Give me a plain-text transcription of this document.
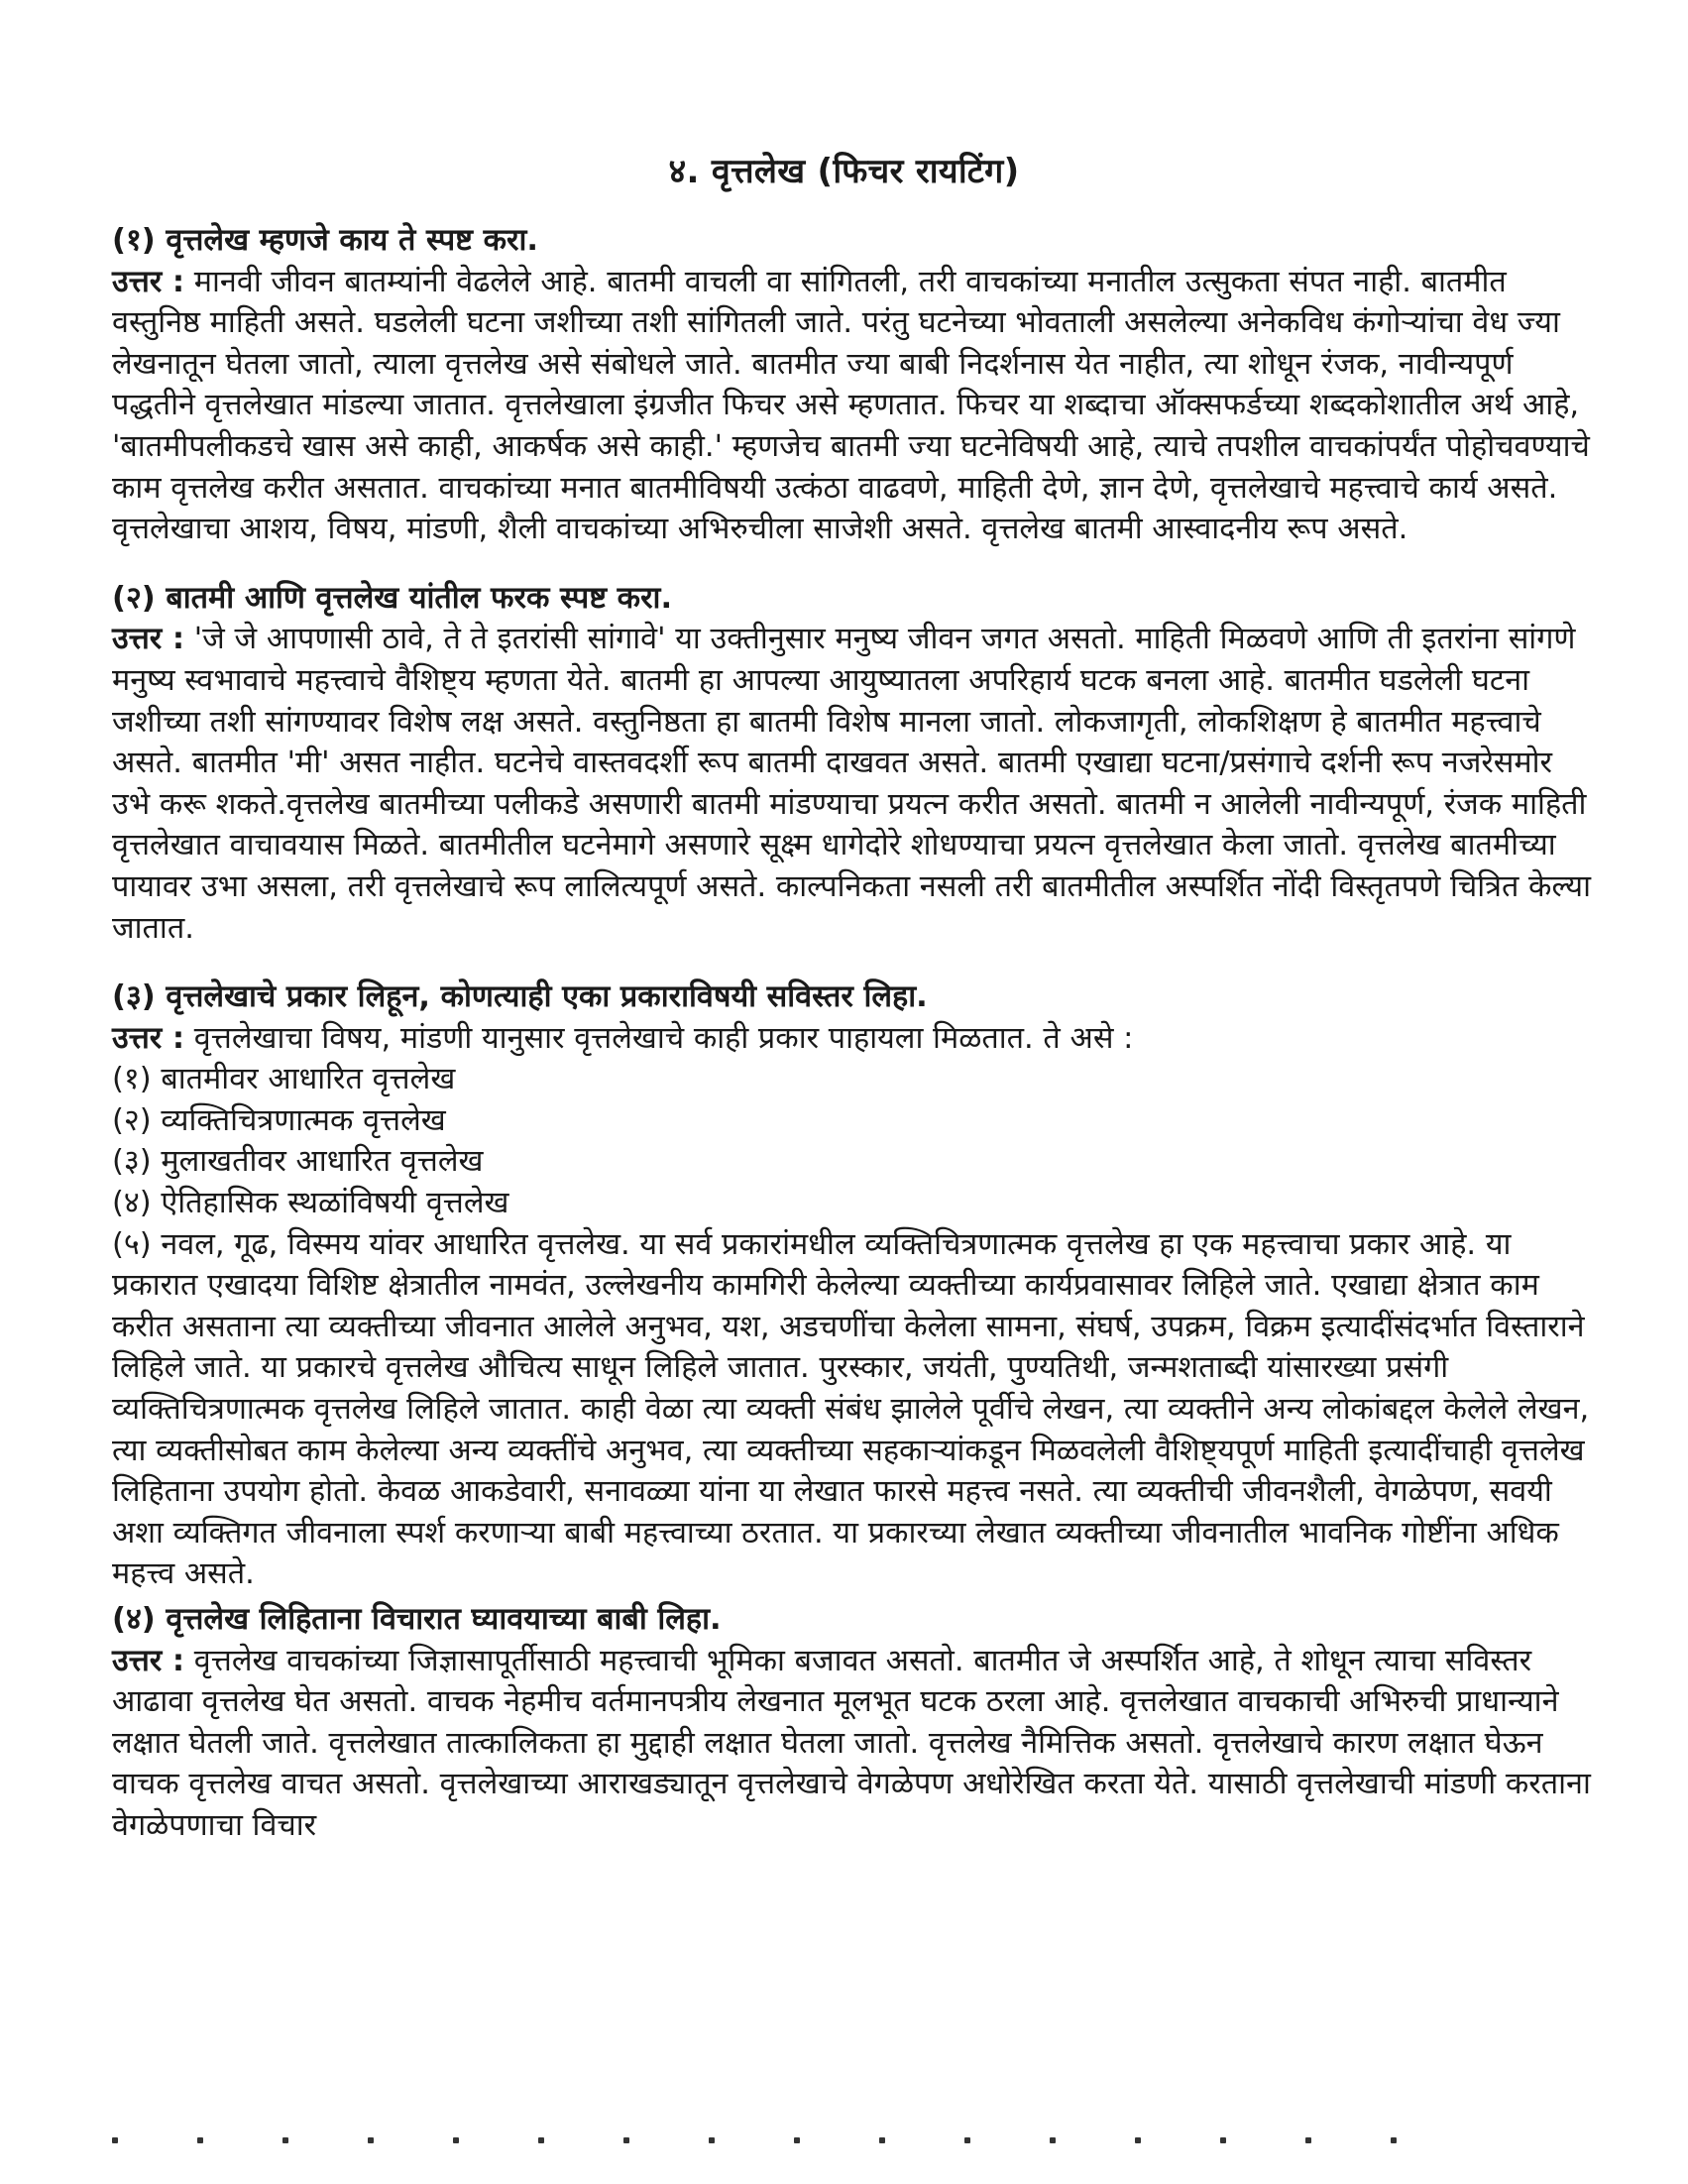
४. वृत्तलेख (फिचर रायटिंग)

(१) वृत्तलेख म्हणजे काय ते स्पष्ट करा.

उत्तर : मानवी जीवन बातम्यांनी वेढलेले आहे. बातमी वाचली वा सांगितली, तरी वाचकांच्या मनातील उत्सुकता संपत नाही. बातमीत वस्तुनिष्ठ माहिती असते. घडलेली घटना जशीच्या तशी सांगितली जाते. परंतु घटनेच्या भोवताली असलेल्या अनेकविध कंगोऱ्यांचा वेध ज्या लेखनातून घेतला जातो, त्याला वृत्तलेख असे संबोधले जाते. बातमीत ज्या बाबी निदर्शनास येत नाहीत, त्या शोधून रंजक, नावीन्यपूर्ण पद्धतीने वृत्तलेखात मांडल्या जातात. वृत्तलेखाला इंग्रजीत फिचर असे म्हणतात. फिचर या शब्दाचा ऑक्सफर्डच्या शब्दकोशातील अर्थ आहे, 'बातमीपलीकडचे खास असे काही, आकर्षक असे काही.' म्हणजेच बातमी ज्या घटनेविषयी आहे, त्याचे तपशील वाचकांपर्यंत पोहोचवण्याचे काम वृत्तलेख करीत असतात. वाचकांच्या मनात बातमीविषयी उत्कंठा वाढवणे, माहिती देणे, ज्ञान देणे, वृत्तलेखाचे महत्त्वाचे कार्य असते. वृत्तलेखाचा आशय, विषय, मांडणी, शैली वाचकांच्या अभिरुचीला साजेशी असते. वृत्तलेख बातमी आस्वादनीय रूप असते.

(२) बातमी आणि वृत्तलेख यांतील फरक स्पष्ट करा.

उत्तर : 'जे जे आपणासी ठावे, ते ते इतरांसी सांगावे' या उक्तीनुसार मनुष्य जीवन जगत असतो. माहिती मिळवणे आणि ती इतरांना सांगणे मनुष्य स्वभावाचे महत्त्वाचे वैशिष्ट्य म्हणता येते. बातमी हा आपल्या आयुष्यातला अपरिहार्य घटक बनला आहे. बातमीत घडलेली घटना जशीच्या तशी सांगण्यावर विशेष लक्ष असते. वस्तुनिष्ठता हा बातमी विशेष मानला जातो. लोकजागृती, लोकशिक्षण हे बातमीत महत्त्वाचे असते. बातमीत 'मी' असत नाहीत. घटनेचे वास्तवदर्शी रूप बातमी दाखवत असते. बातमी एखाद्या घटना/प्रसंगाचे दर्शनी रूप नजरेसमोर उभे करू शकते.वृत्तलेख बातमीच्या पलीकडे असणारी बातमी मांडण्याचा प्रयत्न करीत असतो. बातमी न आलेली नावीन्यपूर्ण, रंजक माहिती वृत्तलेखात वाचावयास मिळते. बातमीतील घटनेमागे असणारे सूक्ष्म धागेदोरे शोधण्याचा प्रयत्न वृत्तलेखात केला जातो. वृत्तलेख बातमीच्या पायावर उभा असला, तरी वृत्तलेखाचे रूप लालित्यपूर्ण असते. काल्पनिकता नसली तरी बातमीतील अस्पर्शित नोंदी विस्तृतपणे चित्रित केल्या जातात.

(३) वृत्तलेखाचे प्रकार लिहून, कोणत्याही एका प्रकाराविषयी सविस्तर लिहा.

उत्तर : वृत्तलेखाचा विषय, मांडणी यानुसार वृत्तलेखाचे काही प्रकार पाहायला मिळतात. ते असे :

(१) बातमीवर आधारित वृत्तलेख

(२) व्यक्तिचित्रणात्मक वृत्तलेख

(३) मुलाखतीवर आधारित वृत्तलेख

(४) ऐतिहासिक स्थळांविषयी वृत्तलेख

(५) नवल, गूढ, विस्मय यांवर आधारित वृत्तलेख. या सर्व प्रकारांमधील व्यक्तिचित्रणात्मक वृत्तलेख हा एक महत्त्वाचा प्रकार आहे. या प्रकारात एखादया विशिष्ट क्षेत्रातील नामवंत, उल्लेखनीय कामगिरी केलेल्या व्यक्तीच्या कार्यप्रवासावर लिहिले जाते. एखाद्या क्षेत्रात काम करीत असताना त्या व्यक्तीच्या जीवनात आलेले अनुभव, यश, अडचणींचा केलेला सामना, संघर्ष, उपक्रम, विक्रम इत्यादींसंदर्भात विस्ताराने लिहिले जाते. या प्रकारचे वृत्तलेख औचित्य साधून लिहिले जातात. पुरस्कार, जयंती, पुण्यतिथी, जन्मशताब्दी यांसारख्या प्रसंगी व्यक्तिचित्रणात्मक वृत्तलेख लिहिले जातात. काही वेळा त्या व्यक्ती संबंध झालेले पूर्वीचे लेखन, त्या व्यक्तीने अन्य लोकांबद्दल केलेले लेखन, त्या व्यक्तीसोबत काम केलेल्या अन्य व्यक्तींचे अनुभव, त्या व्यक्तीच्या सहकाऱ्यांकडून मिळवलेली वैशिष्ट्यपूर्ण माहिती इत्यादींचाही वृत्तलेख लिहिताना उपयोग होतो. केवळ आकडेवारी, सनावळ्या यांना या लेखात फारसे महत्त्व नसते. त्या व्यक्तीची जीवनशैली, वेगळेपण, सवयी अशा व्यक्तिगत जीवनाला स्पर्श करणाऱ्या बाबी महत्त्वाच्या ठरतात. या प्रकारच्या लेखात व्यक्तीच्या जीवनातील भावनिक गोष्टींना अधिक महत्त्व असते.

(४) वृत्तलेख लिहिताना विचारात घ्यावयाच्या बाबी लिहा.

उत्तर : वृत्तलेख वाचकांच्या जिज्ञासापूर्तीसाठी महत्त्वाची भूमिका बजावत असतो. बातमीत जे अस्पर्शित आहे, ते शोधून त्याचा सविस्तर आढावा वृत्तलेख घेत असतो. वाचक नेहमीच वर्तमानपत्रीय लेखनात मूलभूत घटक ठरला आहे. वृत्तलेखात वाचकाची अभिरुची प्राधान्याने लक्षात घेतली जाते. वृत्तलेखात तात्कालिकता हा मुद्दाही लक्षात घेतला जातो. वृत्तलेख नैमित्तिक असतो. वृत्तलेखाचे कारण लक्षात घेऊन वाचक वृत्तलेख वाचत असतो. वृत्तलेखाच्या आराखड्यातून वृत्तलेखाचे वेगळेपण अधोरेखित करता येते. यासाठी वृत्तलेखाची मांडणी करताना वेगळेपणाचा विचार
